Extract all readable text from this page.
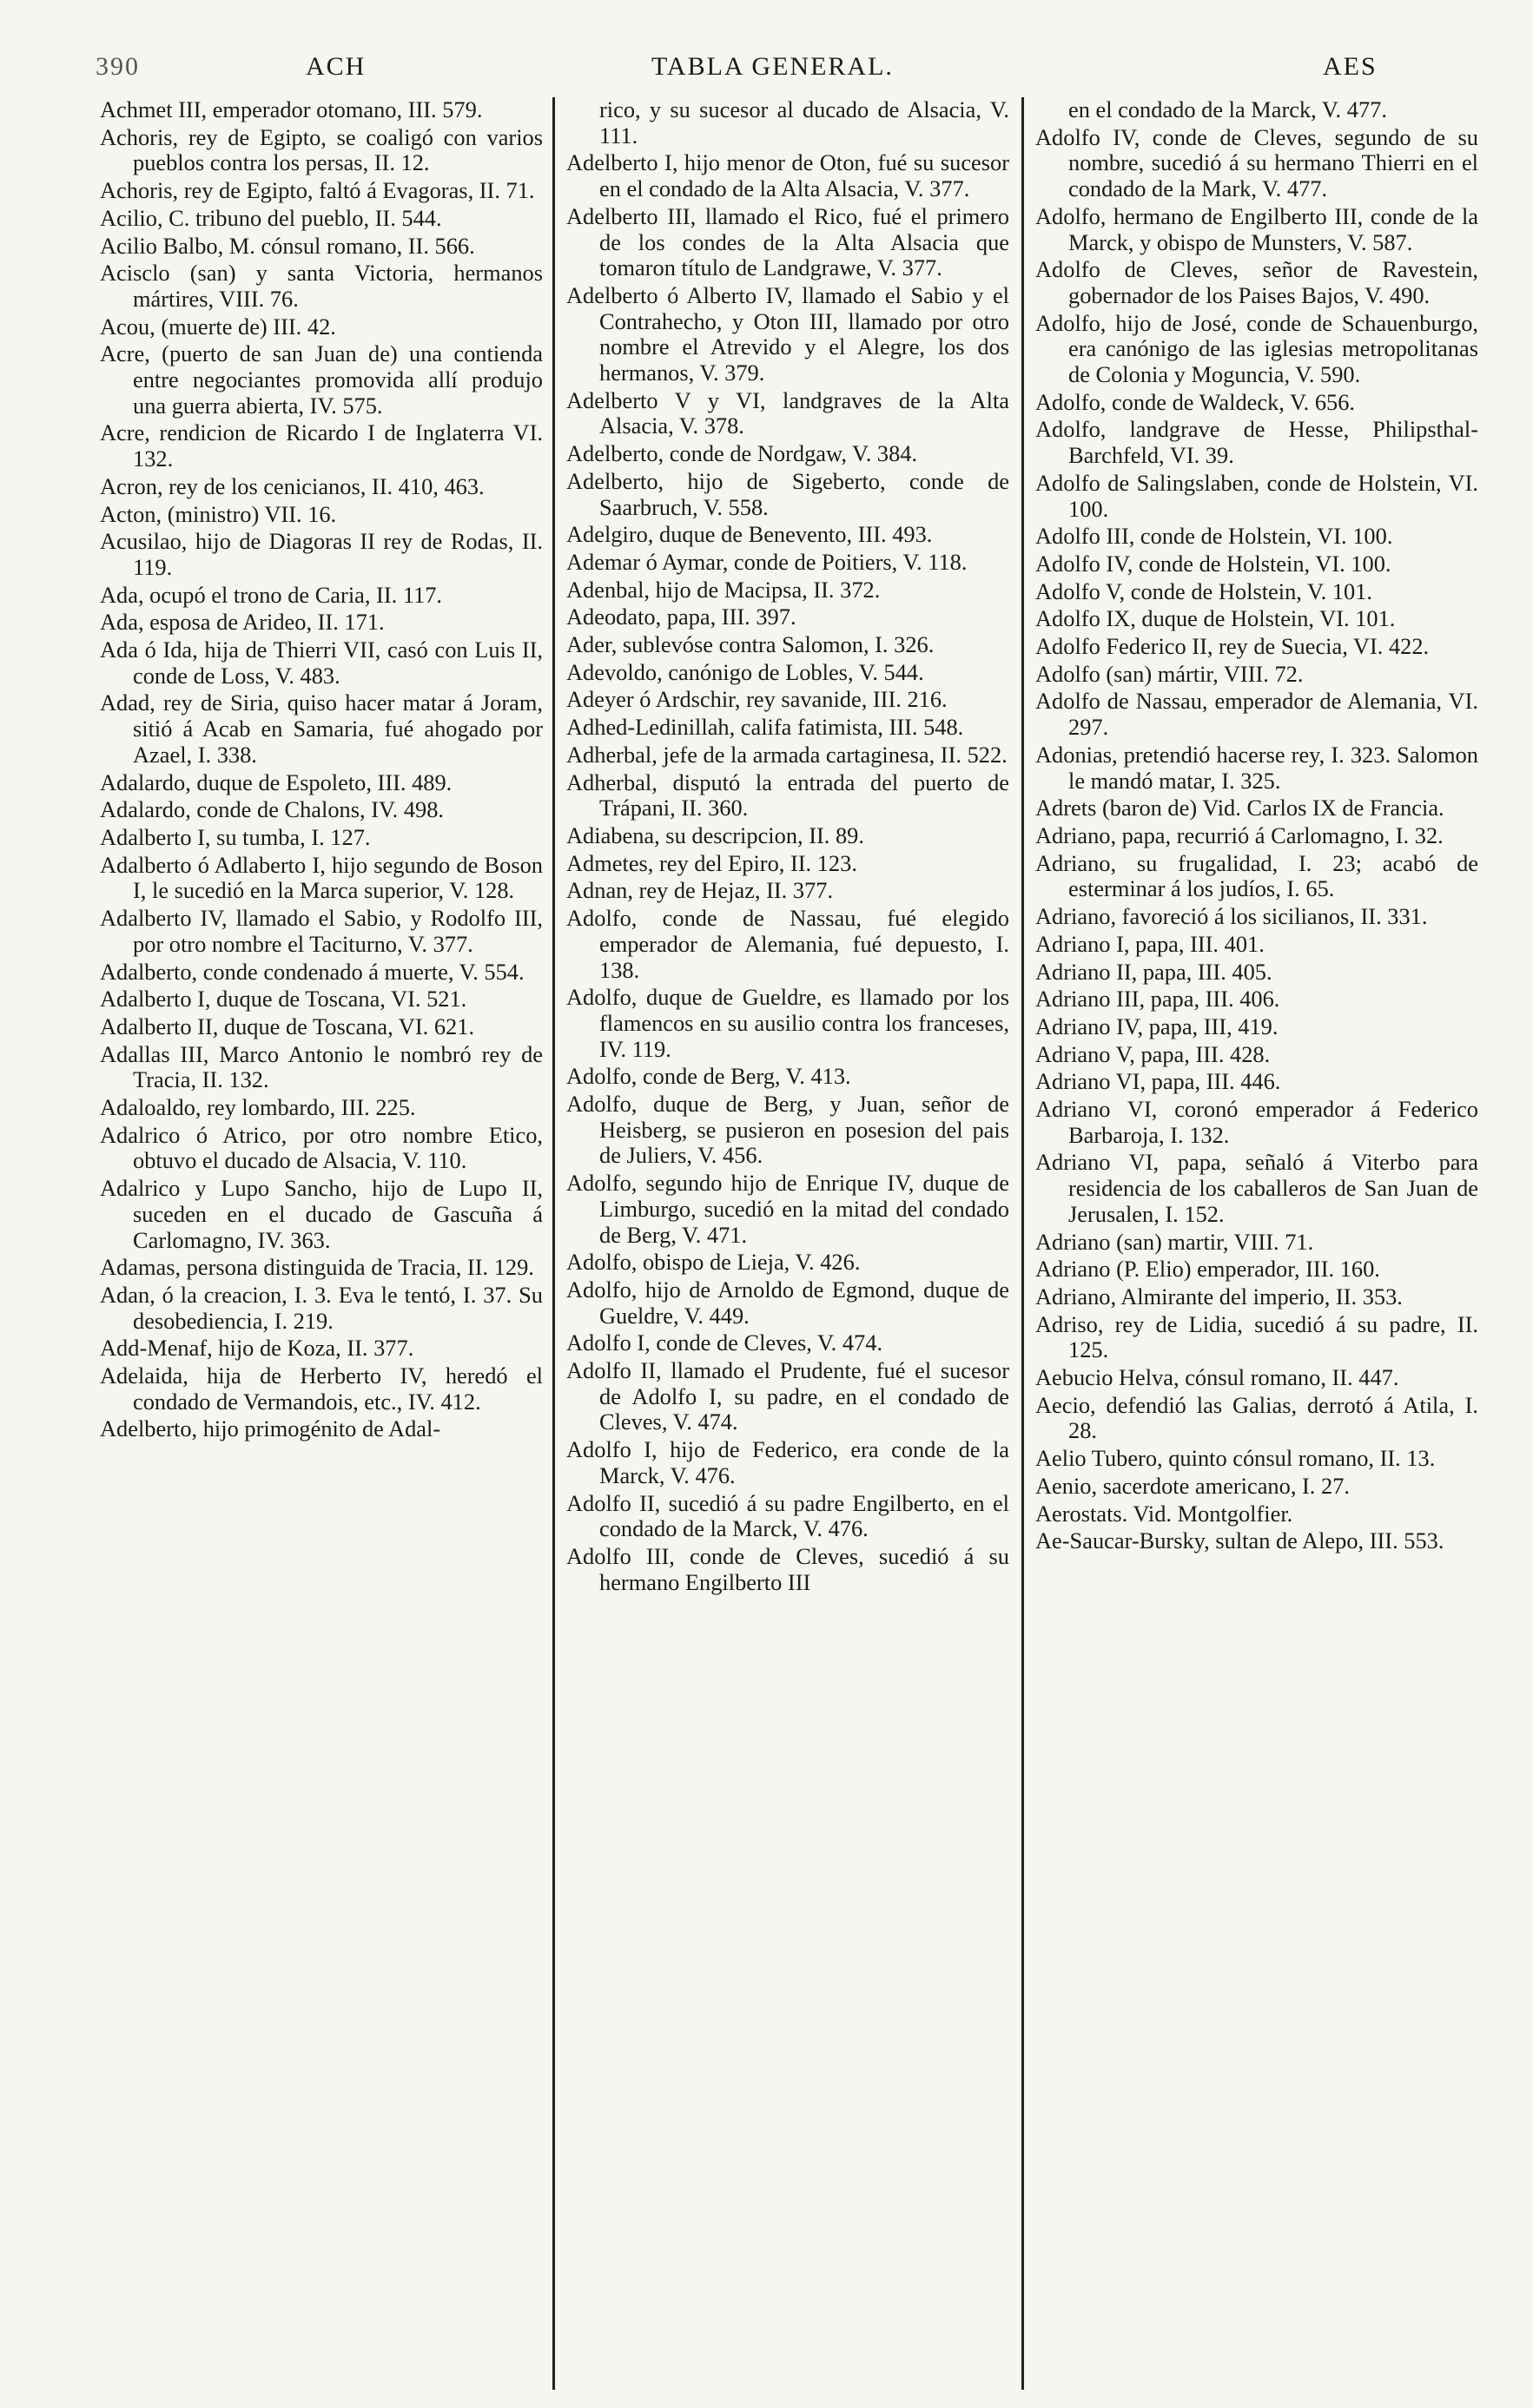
390	ACH	TABLA GENERAL.	AES

Achmet III, emperador otomano, III. 579.

Achoris, rey de Egipto, se coaligó con varios pueblos contra los persas, II. 12.

Achoris, rey de Egipto, faltó á Evagoras, II. 71.

Acilio, C. tribuno del pueblo, II. 544.

Acilio Balbo, M. cónsul romano, II. 566.

Acisclo (san) y santa Victoria, hermanos mártires, VIII. 76.

Acou, (muerte de) III. 42.

Acre, (puerto de san Juan de) una contienda entre negociantes promovida allí produjo una guerra abierta, IV. 575.

Acre, rendicion de Ricardo I de Inglaterra VI. 132.

Acron, rey de los cenicianos, II. 410, 463.

Acton, (ministro) VII. 16.

Acusilao, hijo de Diagoras II rey de Rodas, II. 119.

Ada, ocupó el trono de Caria, II. 117.

Ada, esposa de Arideo, II. 171.

Ada ó Ida, hija de Thierri VII, casó con Luis II, conde de Loss, V. 483.

Adad, rey de Siria, quiso hacer matar á Joram, sitió á Acab en Samaria, fué ahogado por Azael, I. 338.

Adalardo, duque de Espoleto, III. 489.

Adalardo, conde de Chalons, IV. 498.

Adalberto I, su tumba, I. 127.

Adalberto ó Adlaberto I, hijo segundo de Boson I, le sucedió en la Marca superior, V. 128.

Adalberto IV, llamado el Sabio, y Rodolfo III, por otro nombre el Taciturno, V. 377.

Adalberto, conde condenado á muerte, V. 554.

Adalberto I, duque de Toscana, VI. 521.

Adalberto II, duque de Toscana, VI. 621.

Adallas III, Marco Antonio le nombró rey de Tracia, II. 132.

Adaloaldo, rey lombardo, III. 225.

Adalrico ó Atrico, por otro nombre Etico, obtuvo el ducado de Alsacia, V. 110.

Adalrico y Lupo Sancho, hijo de Lupo II, suceden en el ducado de Gascuña á Carlomagno, IV. 363.

Adamas, persona distinguida de Tracia, II. 129.

Adan, ó la creacion, I. 3. Eva le tentó, I. 37. Su desobediencia, I. 219.

Add-Menaf, hijo de Koza, II. 377.

Adelaida, hija de Herberto IV, heredó el condado de Vermandois, etc., IV. 412.

Adelberto, hijo primogénito de Adal-

rico, y su sucesor al ducado de Alsacia, V. 111.

Adelberto I, hijo menor de Oton, fué su sucesor en el condado de la Alta Alsacia, V. 377.

Adelberto III, llamado el Rico, fué el primero de los condes de la Alta Alsacia que tomaron título de Landgrawe, V. 377.

Adelberto ó Alberto IV, llamado el Sabio y el Contrahecho, y Oton III, llamado por otro nombre el Atrevido y el Alegre, los dos hermanos, V. 379.

Adelberto V y VI, landgraves de la Alta Alsacia, V. 378.

Adelberto, conde de Nordgaw, V. 384.

Adelberto, hijo de Sigeberto, conde de Saarbruch, V. 558.

Adelgiro, duque de Benevento, III. 493.

Ademar ó Aymar, conde de Poitiers, V. 118.

Adenbal, hijo de Macipsa, II. 372.

Adeodato, papa, III. 397.

Ader, sublevóse contra Salomon, I. 326.

Adevoldo, canónigo de Lobles, V. 544.

Adeyer ó Ardschir, rey savanide, III. 216.

Adhed-Ledinillah, califa fatimista, III. 548.

Adherbal, jefe de la armada cartaginesa, II. 522.

Adherbal, disputó la entrada del puerto de Trápani, II. 360.

Adiabena, su descripcion, II. 89.

Admetes, rey del Epiro, II. 123.

Adnan, rey de Hejaz, II. 377.

Adolfo, conde de Nassau, fué elegido emperador de Alemania, fué depuesto, I. 138.

Adolfo, duque de Gueldre, es llamado por los flamencos en su ausilio contra los franceses, IV. 119.

Adolfo, conde de Berg, V. 413.

Adolfo, duque de Berg, y Juan, señor de Heisberg, se pusieron en posesion del pais de Juliers, V. 456.

Adolfo, segundo hijo de Enrique IV, duque de Limburgo, sucedió en la mitad del condado de Berg, V. 471.

Adolfo, obispo de Lieja, V. 426.

Adolfo, hijo de Arnoldo de Egmond, duque de Gueldre, V. 449.

Adolfo I, conde de Cleves, V. 474.

Adolfo II, llamado el Prudente, fué el sucesor de Adolfo I, su padre, en el condado de Cleves, V. 474.

Adolfo I, hijo de Federico, era conde de la Marck, V. 476.

Adolfo II, sucedió á su padre Engilberto, en el condado de la Marck, V. 476.

Adolfo III, conde de Cleves, sucedió á su hermano Engilberto III

en el condado de la Marck, V. 477.

Adolfo IV, conde de Cleves, segundo de su nombre, sucedió á su hermano Thierri en el condado de la Mark, V. 477.

Adolfo, hermano de Engilberto III, conde de la Marck, y obispo de Munsters, V. 587.

Adolfo de Cleves, señor de Ravestein, gobernador de los Paises Bajos, V. 490.

Adolfo, hijo de José, conde de Schauenburgo, era canónigo de las iglesias metropolitanas de Colonia y Moguncia, V. 590.

Adolfo, conde de Waldeck, V. 656.

Adolfo, landgrave de Hesse, Philipsthal-Barchfeld, VI. 39.

Adolfo de Salingslaben, conde de Holstein, VI. 100.

Adolfo III, conde de Holstein, VI. 100.

Adolfo IV, conde de Holstein, VI. 100.

Adolfo V, conde de Holstein, V. 101.

Adolfo IX, duque de Holstein, VI. 101.

Adolfo Federico II, rey de Suecia, VI. 422.

Adolfo (san) mártir, VIII. 72.

Adolfo de Nassau, emperador de Alemania, VI. 297.

Adonias, pretendió hacerse rey, I. 323. Salomon le mandó matar, I. 325.

Adrets (baron de) Vid. Carlos IX de Francia.

Adriano, papa, recurrió á Carlomagno, I. 32.

Adriano, su frugalidad, I. 23; acabó de esterminar á los judíos, I. 65.

Adriano, favoreció á los sicilianos, II. 331.

Adriano I, papa, III. 401.

Adriano II, papa, III. 405.

Adriano III, papa, III. 406.

Adriano IV, papa, III, 419.

Adriano V, papa, III. 428.

Adriano VI, papa, III. 446.

Adriano VI, coronó emperador á Federico Barbaroja, I. 132.

Adriano VI, papa, señaló á Viterbo para residencia de los caballeros de San Juan de Jerusalen, I. 152.

Adriano (san) martir, VIII. 71.

Adriano (P. Elio) emperador, III. 160.

Adriano, Almirante del imperio, II. 353.

Adriso, rey de Lidia, sucedió á su padre, II. 125.

Aebucio Helva, cónsul romano, II. 447.

Aecio, defendió las Galias, derrotó á Atila, I. 28.

Aelio Tubero, quinto cónsul romano, II. 13.

Aenio, sacerdote americano, I. 27.

Aerostats. Vid. Montgolfier.

Ae-Saucar-Bursky, sultan de Alepo, III. 553.
